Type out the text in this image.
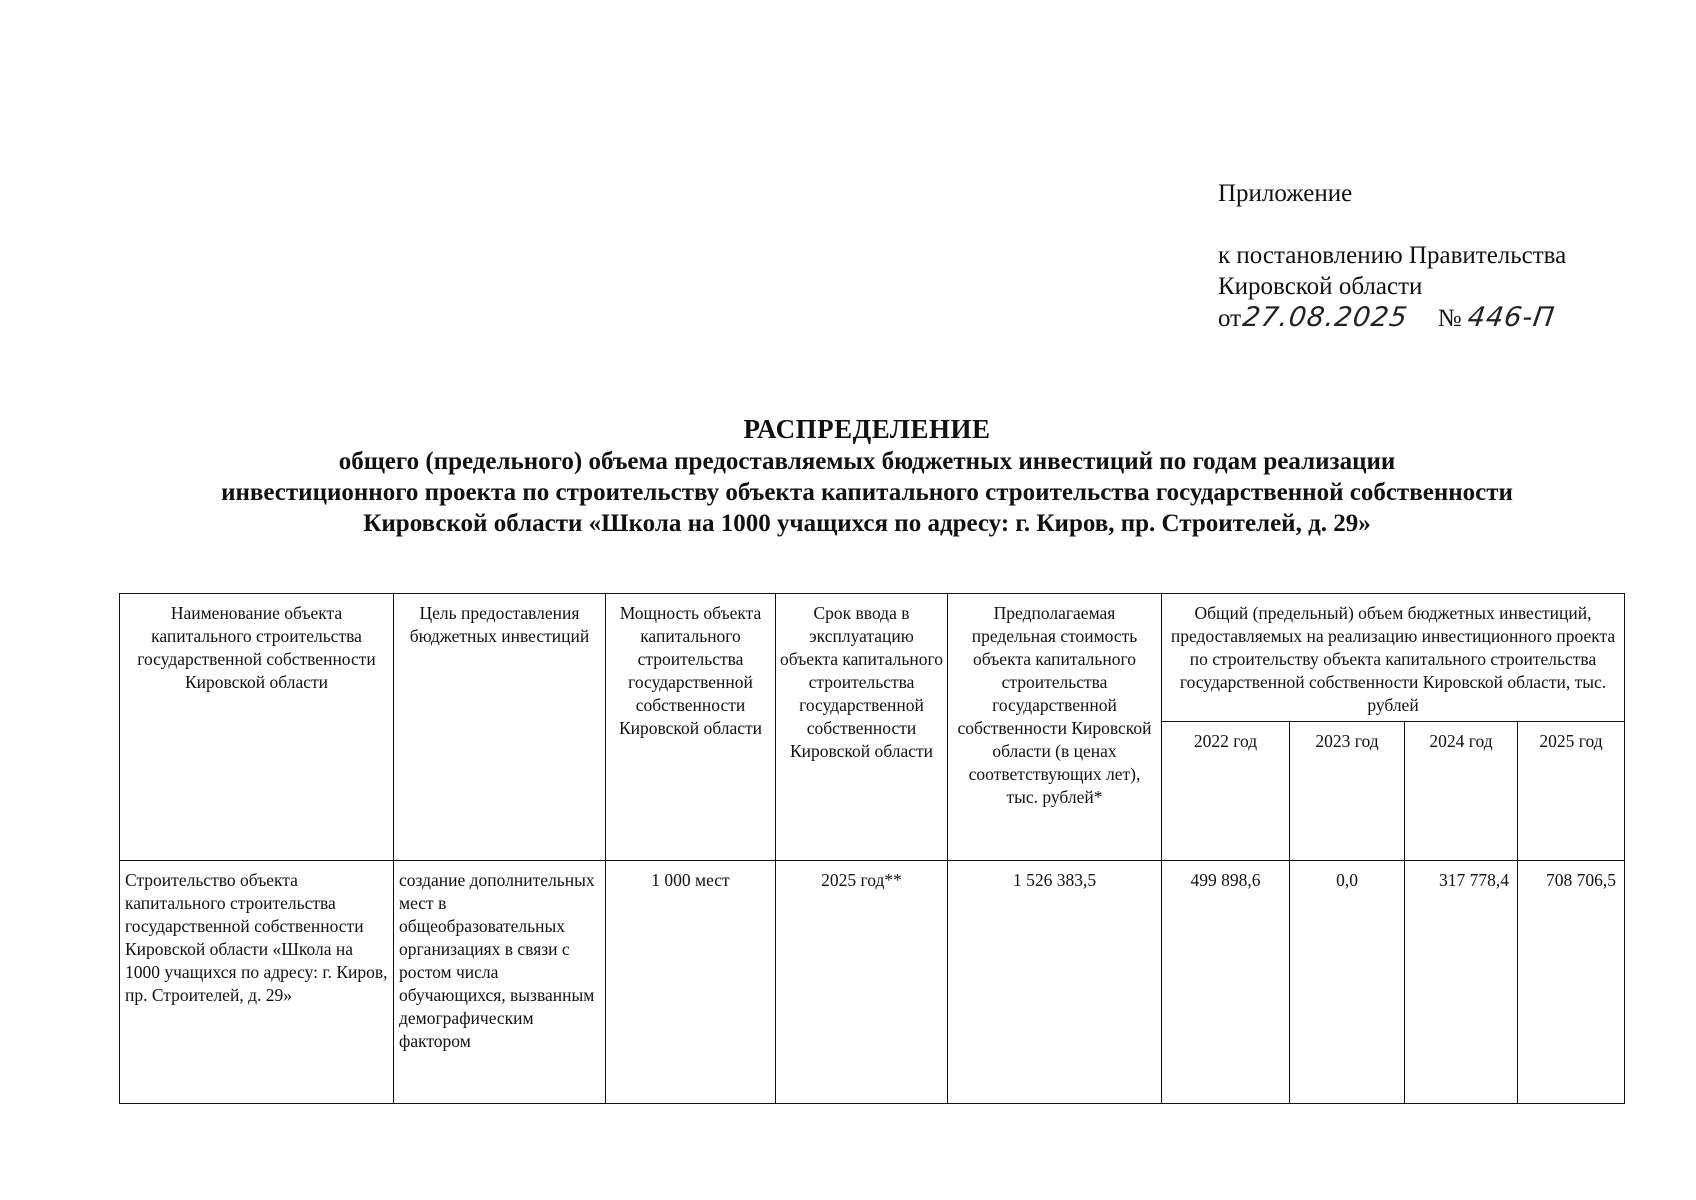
Приложение
к постановлению Правительства
Кировской области
от 27.08.2025 № 446-П
РАСПРЕДЕЛЕНИЕ
общего (предельного) объема предоставляемых бюджетных инвестиций по годам реализации
инвестиционного проекта по строительству объекта капитального строительства государственной собственности
Кировской области «Школа на 1000 учащихся по адресу: г. Киров, пр. Строителей, д. 29»
Наименование объекта капитального строительства государственной собственности Кировской области	Цель предоставления бюджетных инвестиций	Мощность объекта капитального строительства государственной собственности Кировской области	Срок ввода в эксплуатацию объекта капитального строительства государственной собственности Кировской области	Предполагаемая предельная стоимость объекта капитального строительства государственной собственности Кировской области (в ценах соответствующих лет), тыс. рублей*	Общий (предельный) объем бюджетных инвестиций, предоставляемых на реализацию инвестиционного проекта по строительству объекта капитального строительства государственной собственности Кировской области, тыс. рублей			
					2022 год	2023 год	2024 год	2025 год
Строительство объекта капитального строительства государственной собственности Кировской области «Школа на 1000 учащихся по адресу: г. Киров, пр. Строителей, д. 29»	создание дополнительных мест в общеобразовательных организациях в связи с ростом числа обучающихся, вызванным демографическим фактором	1 000 мест	2025 год**	1 526 383,5	499 898,6	0,0	317 778,4	708 706,5
